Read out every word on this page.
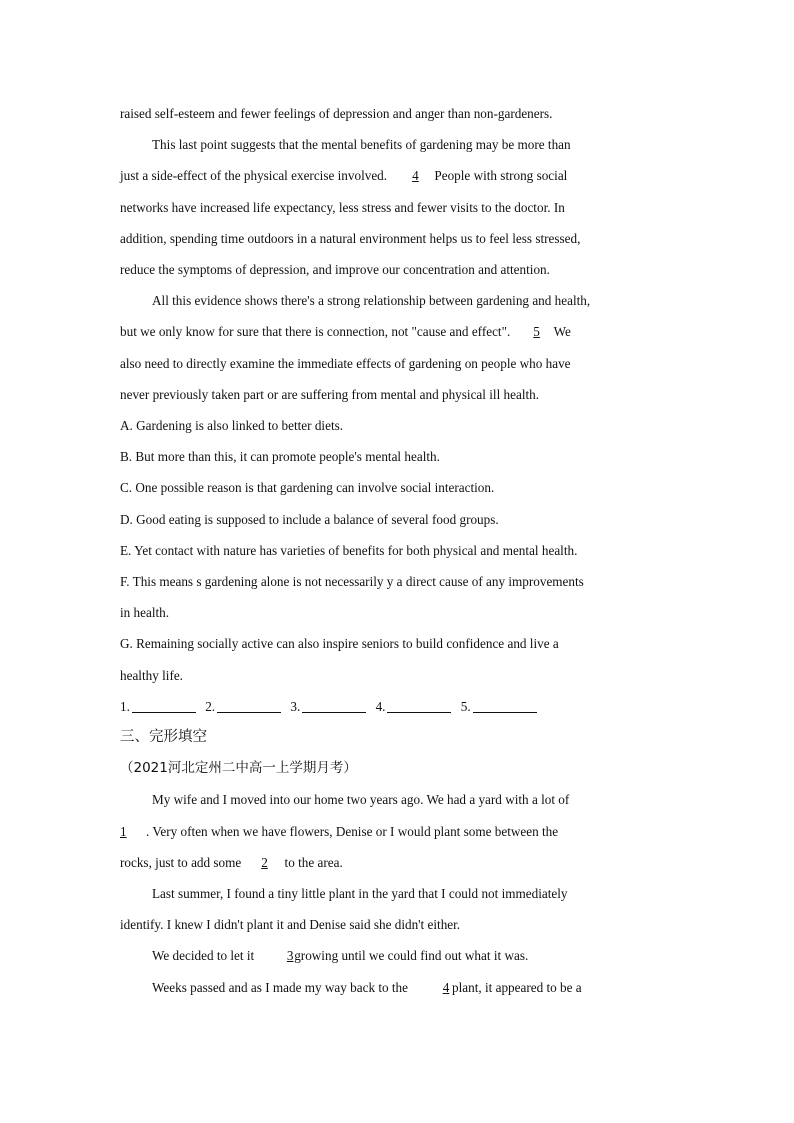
raised self-esteem and fewer feelings of depression and anger than non-gardeners.

This last point suggests that the mental benefits of gardening may be more than

just a side-effect of the physical exercise involved. 4 People with strong social

networks have increased life expectancy, less stress and fewer visits to the doctor. In

addition, spending time outdoors in a natural environment helps us to feel less stressed,

reduce the symptoms of depression, and improve our concentration and attention.

All this evidence shows there's a strong relationship between gardening and health,

but we only know for sure that there is connection, not "cause and effect". 5 We

also need to directly examine the immediate effects of gardening on people who have

never previously taken part or are suffering from mental and physical ill health.

A. Gardening is also linked to better diets.

B. But more than this, it can promote people's mental health.

C. One possible reason is that gardening can involve social interaction.

D. Good eating is supposed to include a balance of several food groups.

E. Yet contact with nature has varieties of benefits for both physical and mental health.

F. This means s gardening alone is not necessarily y a direct cause of any improvements

in health.

G. Remaining socially active can also inspire seniors to build confidence and live a

healthy life.

1.	2.	3.	4.	5.

三、完形填空

（2021河北定州二中高一上学期月考）

My wife and I moved into our home two years ago. We had a yard with a lot of

1 . Very often when we have flowers, Denise or I would plant some between the

rocks, just to add some 2 to the area.

Last summer, I found a tiny little plant in the yard that I could not immediately

identify. I knew I didn't plant it and Denise said she didn't either.

We decided to let it 3growing until we could find out what it was.

Weeks passed and as I made my way back to the	4 plant, it appeared to be a
